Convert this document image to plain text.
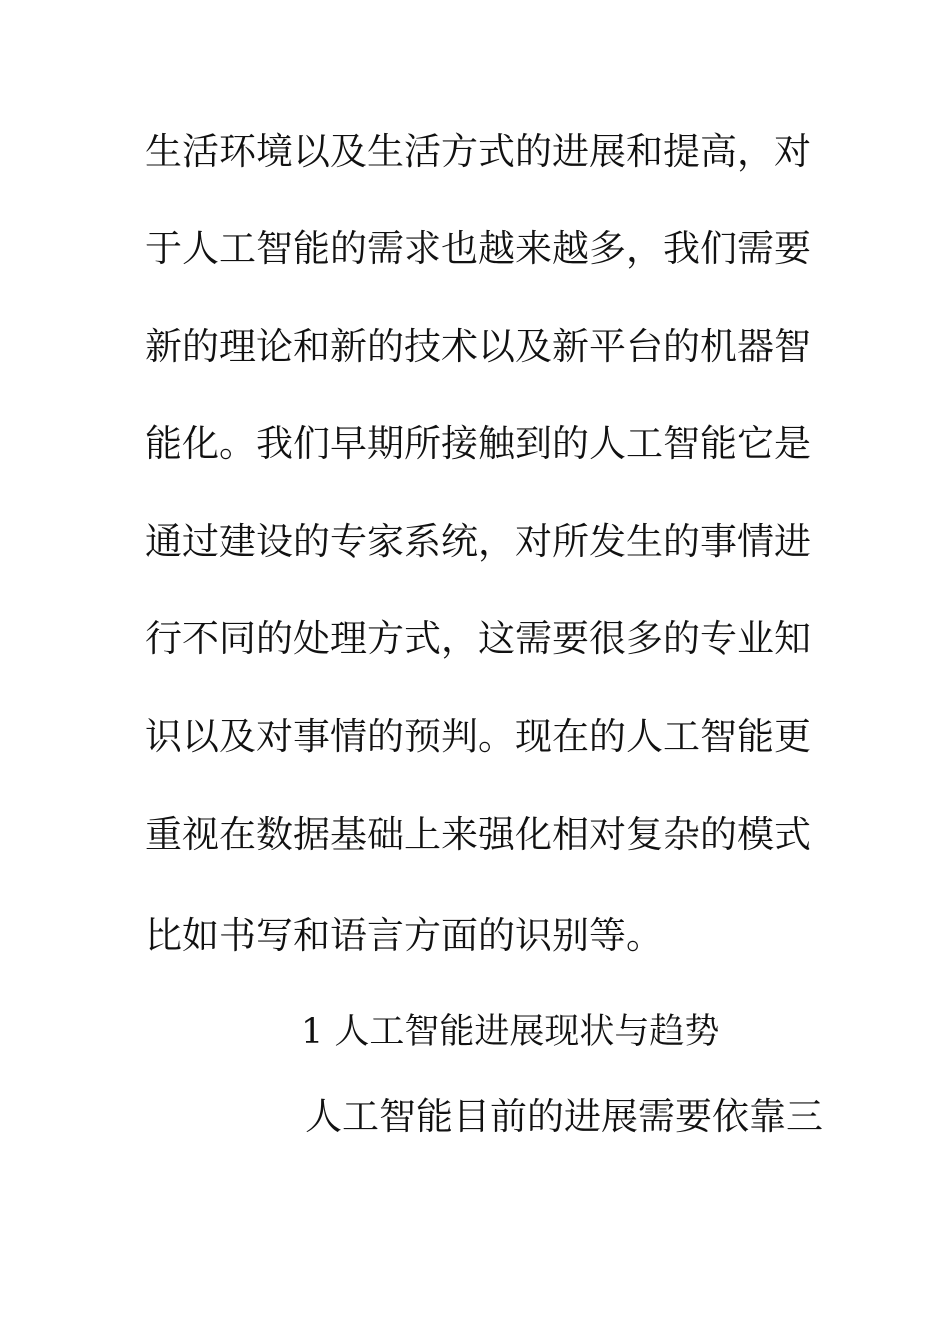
生活环境以及生活方式的进展和提高，对
于人工智能的需求也越来越多，我们需要
新的理论和新的技术以及新平台的机器智
能化。我们早期所接触到的人工智能它是
通过建设的专家系统，对所发生的事情进
行不同的处理方式，这需要很多的专业知
识以及对事情的预判。现在的人工智能更
重视在数据基础上来强化相对复杂的模式
比如书写和语言方面的识别等。
1 人工智能进展现状与趋势
人工智能目前的进展需要依靠三
